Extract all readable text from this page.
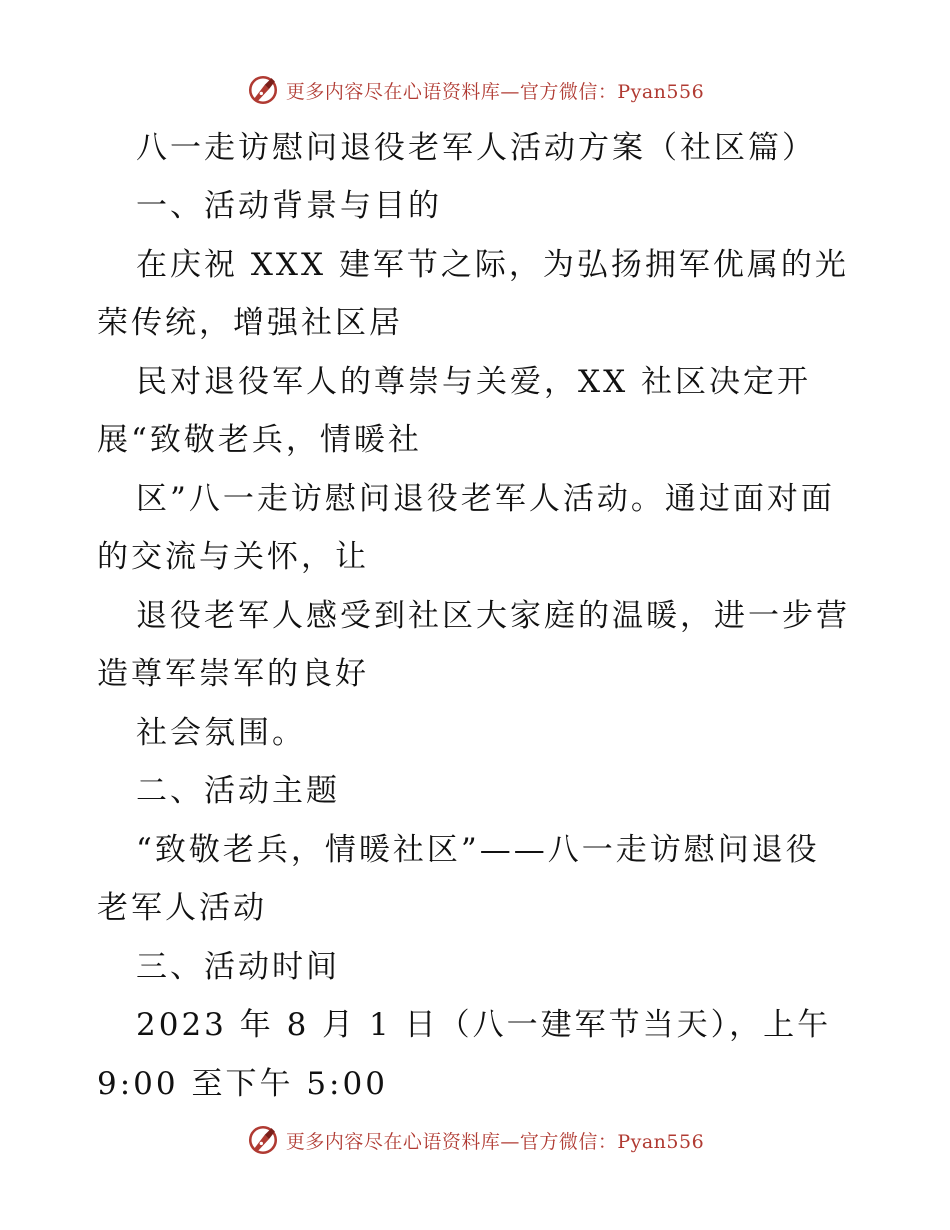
更多内容尽在心语资料库—官方微信：Pyan556

八一走访慰问退役老军人活动方案（社区篇）

一、活动背景与目的

在庆祝 XXX 建军节之际，为弘扬拥军优属的光

荣传统，增强社区居

民对退役军人的尊崇与关爱，XX 社区决定开

展“致敬老兵，情暖社

区”八一走访慰问退役老军人活动。通过面对面

的交流与关怀，让

退役老军人感受到社区大家庭的温暖，进一步营

造尊军崇军的良好

社会氛围。

二、活动主题

“致敬老兵，情暖社区”——八一走访慰问退役

老军人活动

三、活动时间

2023 年 8 月 1 日（八一建军节当天），上午

9:00 至下午 5:00

更多内容尽在心语资料库—官方微信：Pyan556
